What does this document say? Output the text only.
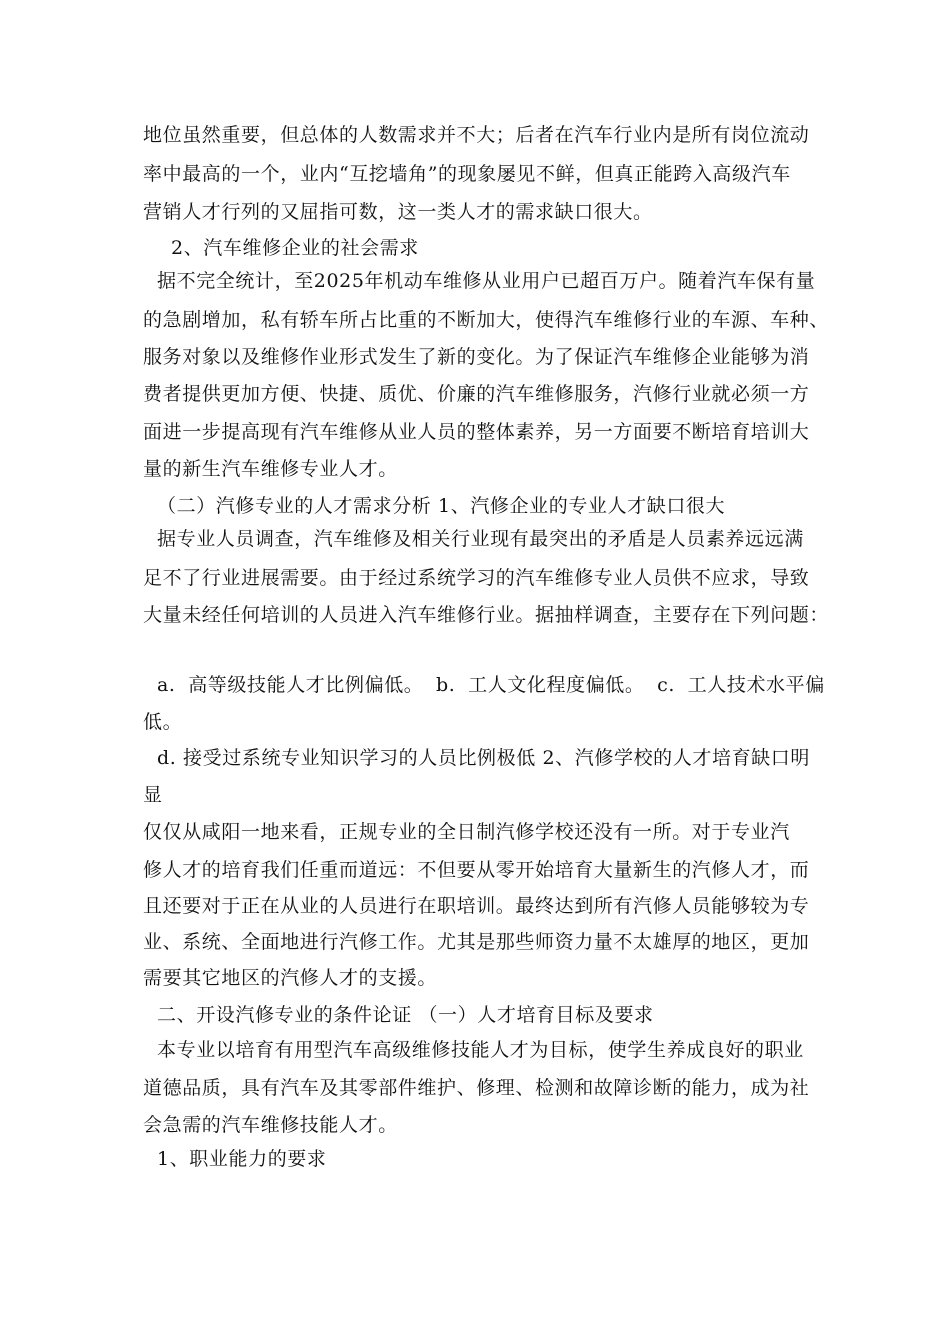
地位虽然重要，但总体的人数需求并不大；后者在汽车行业内是所有岗位流动
率中最高的一个，业内“互挖墙角”的现象屡见不鲜，但真正能跨入高级汽车
营销人才行列的又屈指可数，这一类人才的需求缺口很大。
2、汽车维修企业的社会需求
据不完全统计，至2025年机动车维修从业用户已超百万户。随着汽车保有量
的急剧增加，私有轿车所占比重的不断加大，使得汽车维修行业的车源、车种、
服务对象以及维修作业形式发生了新的变化。为了保证汽车维修企业能够为消
费者提供更加方便、快捷、质优、价廉的汽车维修服务，汽修行业就必须一方
面进一步提高现有汽车维修从业人员的整体素养，另一方面要不断培育培训大
量的新生汽车维修专业人才。
（二）汽修专业的人才需求分析 1、汽修企业的专业人才缺口很大
据专业人员调查，汽车维修及相关行业现有最突出的矛盾是人员素养远远满
足不了行业进展需要。由于经过系统学习的汽车维修专业人员供不应求，导致
大量未经任何培训的人员进入汽车维修行业。据抽样调查，主要存在下列问题：
a. 高等级技能人才比例偏低。 b. 工人文化程度偏低。 c. 工人技术水平偏
低。
d. 接受过系统专业知识学习的人员比例极低 2、汽修学校的人才培育缺口明
显
仅仅从咸阳一地来看，正规专业的全日制汽修学校还没有一所。对于专业汽
修人才的培育我们任重而道远：不但要从零开始培育大量新生的汽修人才，而
且还要对于正在从业的人员进行在职培训。最终达到所有汽修人员能够较为专
业、系统、全面地进行汽修工作。尤其是那些师资力量不太雄厚的地区，更加
需要其它地区的汽修人才的支援。
二、开设汽修专业的条件论证 （一）人才培育目标及要求
本专业以培育有用型汽车高级维修技能人才为目标，使学生养成良好的职业
道德品质，具有汽车及其零部件维护、修理、检测和故障诊断的能力，成为社
会急需的汽车维修技能人才。
1、职业能力的要求
